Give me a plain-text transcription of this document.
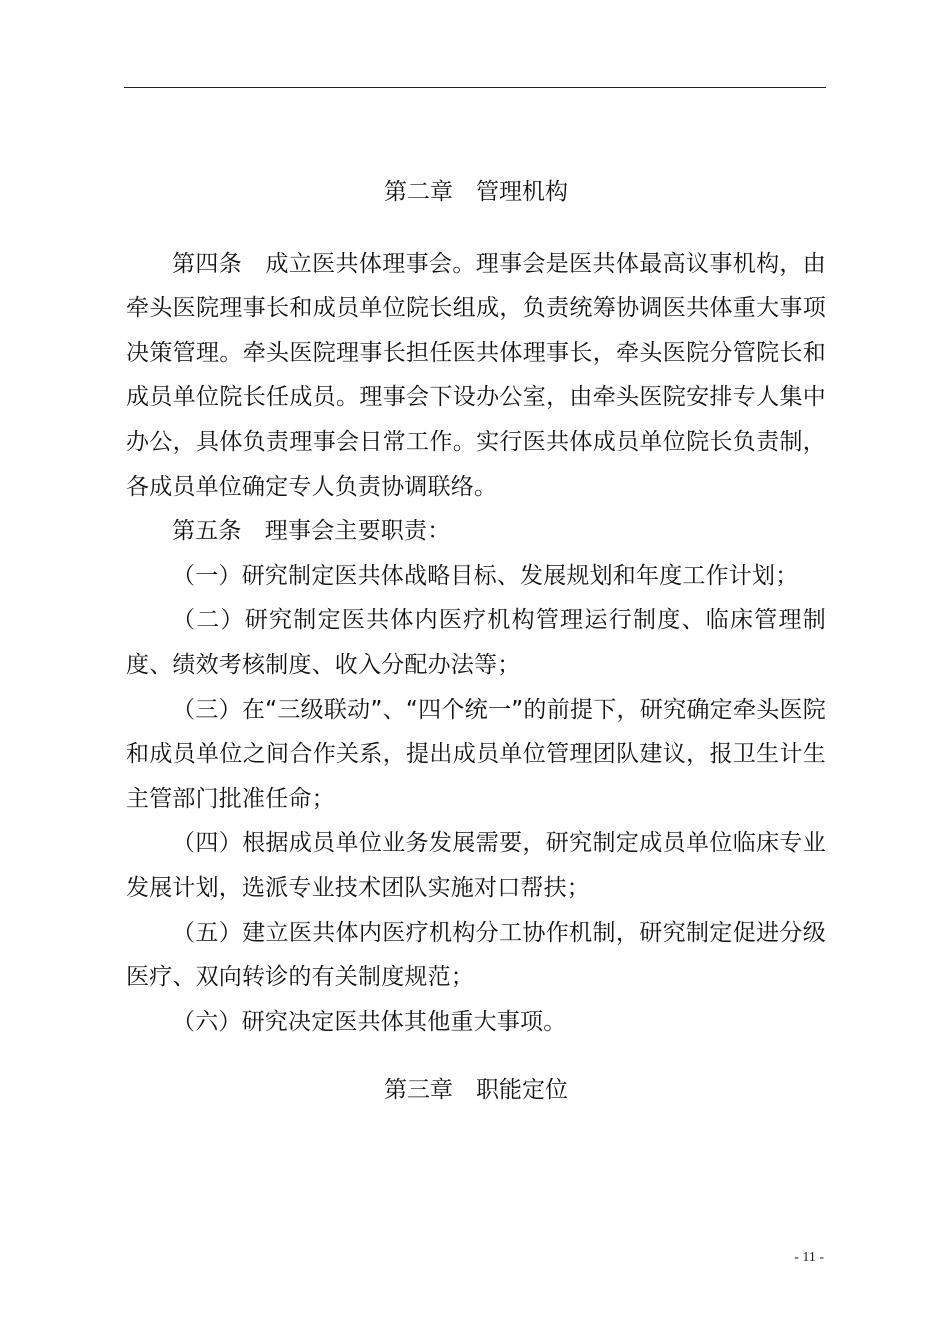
第二章　管理机构

第四条　成立医共体理事会。理事会是医共体最高议事机构，由牵头医院理事长和成员单位院长组成，负责统筹协调医共体重大事项决策管理。牵头医院理事长担任医共体理事长，牵头医院分管院长和成员单位院长任成员。理事会下设办公室，由牵头医院安排专人集中办公，具体负责理事会日常工作。实行医共体成员单位院长负责制，各成员单位确定专人负责协调联络。

第五条　理事会主要职责：

（一）研究制定医共体战略目标、发展规划和年度工作计划；

（二）研究制定医共体内医疗机构管理运行制度、临床管理制度、绩效考核制度、收入分配办法等；

（三）在“三级联动”、“四个统一”的前提下，研究确定牵头医院和成员单位之间合作关系，提出成员单位管理团队建议，报卫生计生主管部门批准任命；

（四）根据成员单位业务发展需要，研究制定成员单位临床专业发展计划，选派专业技术团队实施对口帮扶；

（五）建立医共体内医疗机构分工协作机制，研究制定促进分级医疗、双向转诊的有关制度规范；

（六）研究决定医共体其他重大事项。

第三章　职能定位

- 11 -
